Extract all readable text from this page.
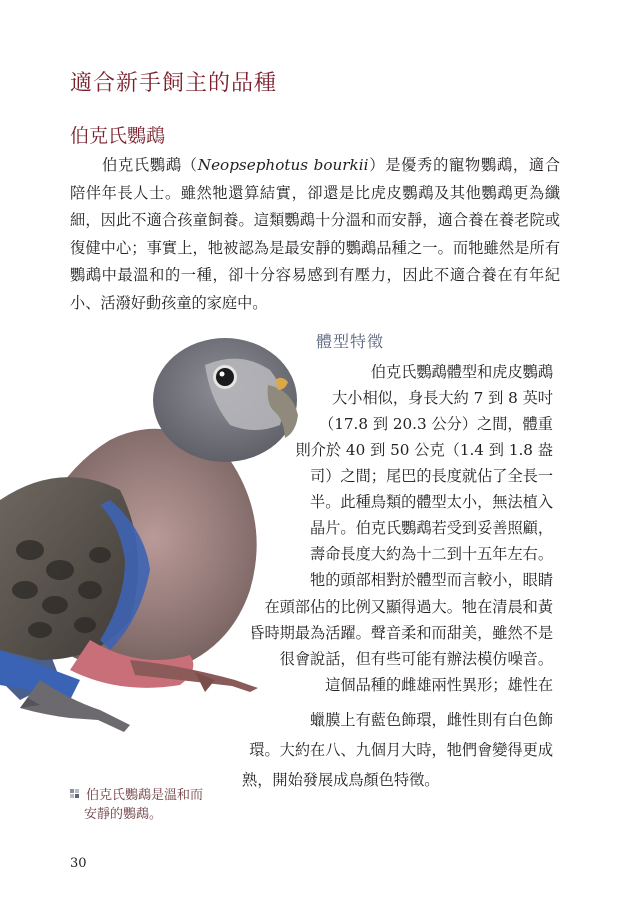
適合新手飼主的品種
伯克氏鸚鵡

伯克氏鸚鵡（Neopsephotus bourkii）是優秀的寵物鸚鵡，適合陪伴年長人士。雖然牠還算結實，卻還是比虎皮鸚鵡及其他鸚鵡更為纖細，因此不適合孩童飼養。這類鸚鵡十分溫和而安靜，適合養在養老院或復健中心；事實上，牠被認為是最安靜的鸚鵡品種之一。而牠雖然是所有鸚鵡中最溫和的一種，卻十分容易感到有壓力，因此不適合養在有年紀小、活潑好動孩童的家庭中。

體型特徵
伯克氏鸚鵡體型和虎皮鸚鵡
大小相似，身長大約 7 到 8 英吋
（17.8 到 20.3 公分）之間，體重
則介於 40 到 50 公克（1.4 到 1.8 盎
司）之間；尾巴的長度就佔了全長一
半。此種鳥類的體型太小，無法植入
晶片。伯克氏鸚鵡若受到妥善照顧，
壽命長度大約為十二到十五年左右。
牠的頭部相對於體型而言較小，眼睛
在頭部佔的比例又顯得過大。牠在清晨和黃
昏時期最為活躍。聲音柔和而甜美，雖然不是
很會說話，但有些可能有辦法模仿噪音。
這個品種的雌雄兩性異形；雄性在
蠟膜上有藍色飾環，雌性則有白色飾
環。大約在八、九個月大時，牠們會變得更成
熟，開始發展成鳥顏色特徵。
伯克氏鸚鵡是溫和而
安靜的鸚鵡。
30
